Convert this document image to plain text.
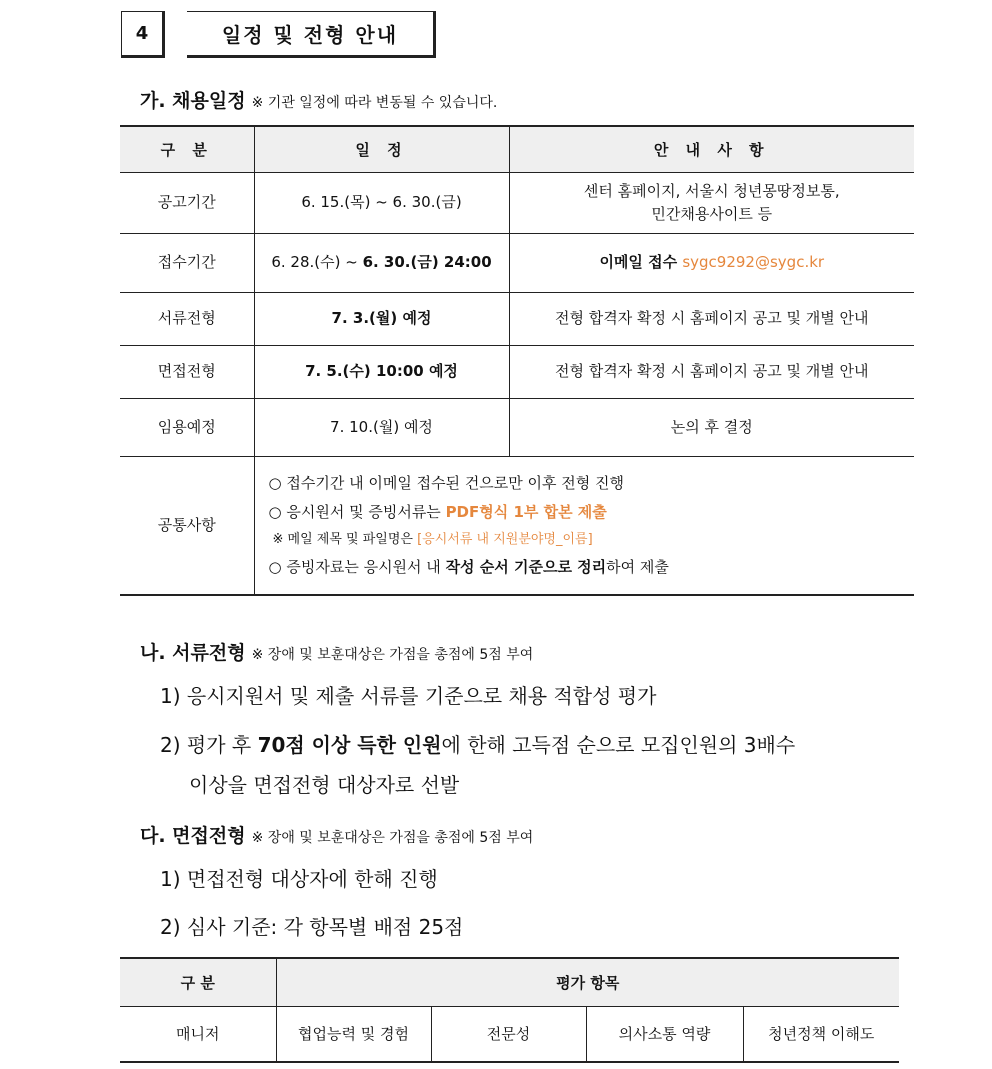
4	일정 및 전형 안내
가. 채용일정 ※ 기관 일정에 따라 변동될 수 있습니다.
구 분	일 정	안 내 사 항
공고기간	6. 15.(목) ~ 6. 30.(금)	센터 홈페이지, 서울시 청년몽땅정보통,
민간채용사이트 등

접수기간	6. 28.(수) ~ 6. 30.(금) 24:00	이메일 접수 sygc9292@sygc.kr
서류전형	7. 3.(월) 예정	전형 합격자 확정 시 홈페이지 공고 및 개별 안내
면접전형	7. 5.(수) 10:00 예정	전형 합격자 확정 시 홈페이지 공고 및 개별 안내
임용예정	7. 10.(월) 예정	논의 후 결정
공통사항	○ 접수기간 내 이메일 접수된 건으로만 이후 전형 진행
○ 응시원서 및 증빙서류는 PDF형식 1부 합본 제출
※ 메일 제목 및 파일명은 [응시서류 내 지원분야명_이름]
○ 증빙자료는 응시원서 내 작성 순서 기준으로 정리하여 제출	
나. 서류전형 ※ 장애 및 보훈대상은 가점을 총점에 5점 부여
1) 응시지원서 및 제출 서류를 기준으로 채용 적합성 평가
2) 평가 후 70점 이상 득한 인원에 한해 고득점 순으로 모집인원의 3배수
이상을 면접전형 대상자로 선발
다. 면접전형 ※ 장애 및 보훈대상은 가점을 총점에 5점 부여
1) 면접전형 대상자에 한해 진행
2) 심사 기준: 각 항목별 배점 25점
구 분	평가 항목			
매니저	협업능력 및 경험	전문성	의사소통 역량	청년정책 이해도
